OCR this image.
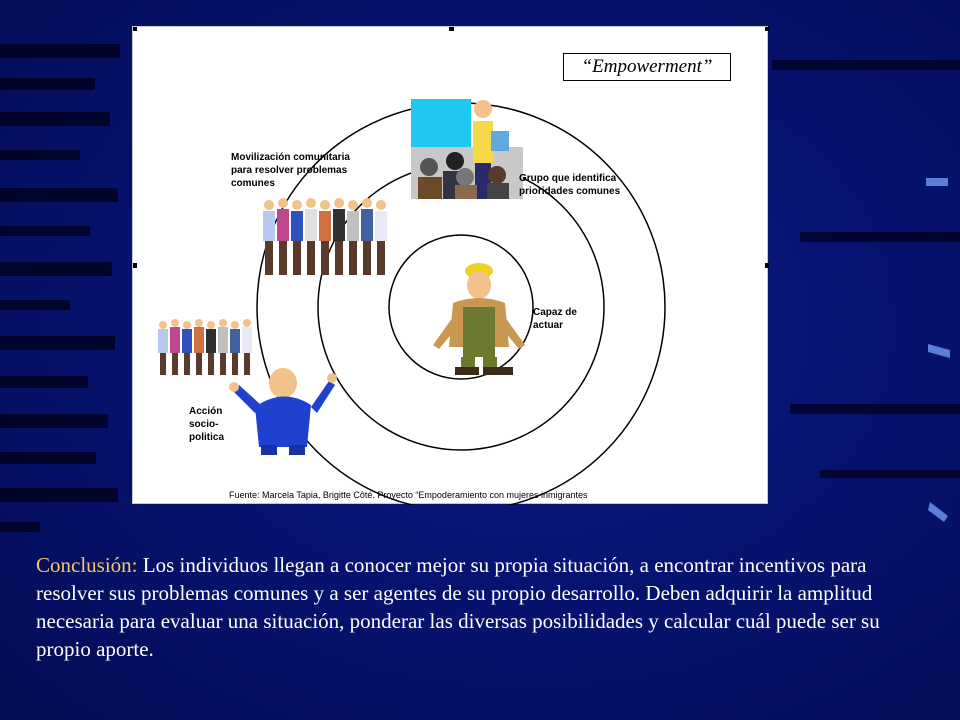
“Empowerment”
Movilización comunitaria
para resolver problemas
comunes	Grupo que identifica
prioridades comunes
Capaz de
actuar
Acción
socio-
politica
Fuente: Marcela Tapia, Brigitte Côté. Proyecto “Empoderamiento con mujeres inmigrantes
Conclusión: Los individuos llegan a conocer mejor su propia situación, a encontrar incentivos para resolver sus problemas comunes y a ser agentes de su propio desarrollo. Deben adquirir la amplitud necesaria para evaluar una situación, ponderar las diversas posibilidades y calcular cuál puede ser su propio aporte.
